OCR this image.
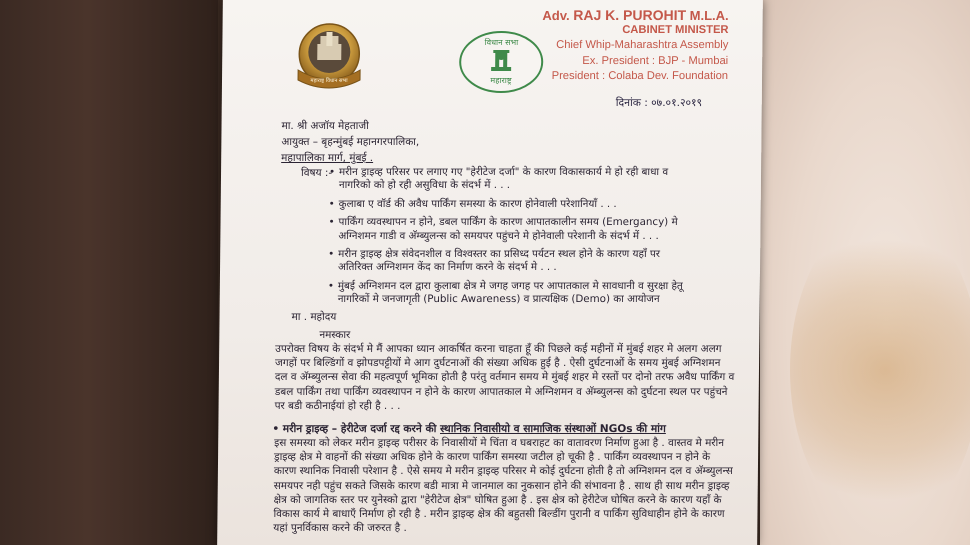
महाराष्ट्र विधान सभा
विधान सभा
महाराष्ट्र
Adv. RAJ K. PUROHIT M.L.A.
CABINET MINISTER
Chief Whip-Maharashtra Assembly
Ex. President : BJP - Mumbai
President : Colaba Dev. Foundation
दिनांक : ०७.०१.२०१९
मा. श्री अजॉय मेहताजी
आयुक्त – बृहन्मुंबई महानगरपालिका,
महापालिका मार्ग, मुंबई .
विषय :-
• मरीन ड्राइव्ह परिसर पर लगाए गए "हेरीटेज दर्जा" के कारण विकासकार्य मे हो रही बाधा व
नागरिको को हो रही असुविधा के संदर्भ में . . .
• कुलाबा ए वॉर्ड की अवैध पार्किंग समस्या के कारण होनेवाली परेशानियाँ . . .
• पार्किंग व्यवस्थापन न होने, डबल पार्किंग के कारण आपातकालीन समय (Emergancy) मे
अग्निशमन गाडी व अ‍ॅम्ब्युलन्स को समयपर पहुंचने मे होनेवाली परेशानी के संदर्भ में . . .
• मरीन ड्राइव्ह क्षेत्र संवेदनशील व विश्वस्तर का प्रसिध्द पर्यटन स्थल होने के कारण यहाँ पर
अतिरिक्त अग्निशमन केंद का निर्माण करने के संदर्भ मे . . .
• मुंबई अग्निशमन दल द्वारा कुलाबा क्षेत्र मे जगह जगह पर आपातकाल मे सावधानी व सुरक्षा हेतू
नागरिकों मे जनजागृती (Public Awareness) व प्रात्यक्षिक (Demo) का आयोजन
मा . महोदय
नमस्कार
उपरोक्त विषय के संदर्भ मे मैं आपका ध्यान आकर्षित करना चाहता हूँ की पिछले कई महीनों में मुंबई शहर मे अलग अलग जगहों पर बिल्डिंगों व झोपडपट्टीयों मे आग दुर्घटनाओं की संख्या अधिक हुई है . ऐसी दुर्घटनाओं के समय मुंबई अग्निशमन दल व अ‍ॅम्ब्युलन्स सेवा की महत्वपूर्ण भूमिका होती है परंतु वर्तमान समय मे मुंबई शहर मे रस्तों पर दोनो तरफ अवैध पार्किंग व डबल पार्किंग तथा पार्किंग व्यवस्थापन न होने के कारण आपातकाल मे अग्निशमन व अ‍ॅम्ब्युलन्स को दुर्घटना स्थल पर पहुंचने पर बडी कठीनाईयां हो रही है . . .
• मरीन ड्राइव्ह – हेरीटेज दर्जा रद्द करने की स्थानिक निवासीयो व सामाजिक संस्थाओं NGOs की मांग
इस समस्या को लेकर मरीन ड्राइव्ह परीसर के निवासीयों मे चिंता व घबराहट का वातावरण निर्माण हुआ है . वास्तव मे मरीन ड्राइव्ह क्षेत्र मे वाहनों की संख्या अधिक होने के कारण पार्किंग समस्या जटील हो चूकी है . पार्किंग व्यवस्थापन न होने के कारण स्थानिक निवासी परेशान है . ऐसे समय मे मरीन ड्राइव्ह परिसर मे कोई दुर्घटना होती है तो अग्निशमन दल व अ‍ॅम्ब्युलन्स समयपर नही पहुंच सकते जिसके कारण बडी मात्रा मे जानमाल का नुकसान होने की संभावना है . साथ ही साथ मरीन ड्राइव्ह क्षेत्र को जागतिक स्तर पर युनेस्को द्वारा "हेरीटेज क्षेत्र" घोषित हुआ है . इस क्षेत्र को हेरीटेज घोषित करने के कारण यहाँ के विकास कार्य मे बाधाएँ निर्माण हो रही है . मरीन ड्राइव्ह क्षेत्र की बहुतसी बिल्डींग पुरानी व पार्किंग सुविधाहीन होने के कारण यहां पुनर्विकास करने की जरुरत है .
